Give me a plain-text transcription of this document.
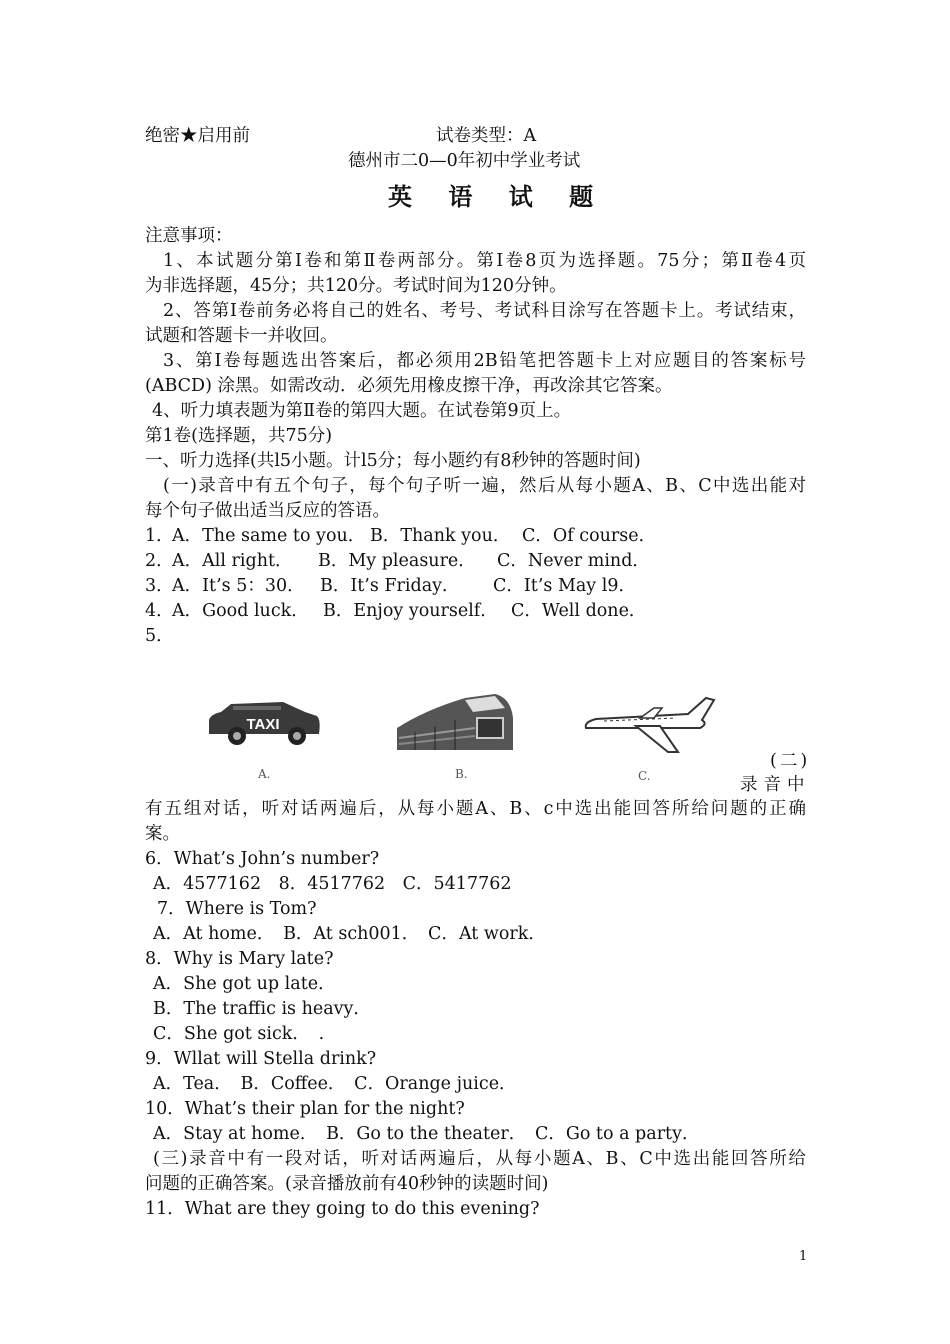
绝密★启用前	试卷类型：A
德州市二0—0年初中学业考试
英 语 试 题
注意事项：
1、本试题分第Ⅰ卷和第Ⅱ卷两部分。第Ⅰ卷8页为选择题。75分；第Ⅱ卷4页
为非选择题，45分；共120分。考试时间为120分钟。
2、答第Ⅰ卷前务必将自己的姓名、考号、考试科目涂写在答题卡上。考试结束，
试题和答题卡一并收回。
3、第Ⅰ卷每题选出答案后，都必须用2B铅笔把答题卡上对应题目的答案标号
(ABCD) 涂黑。如需改动．必须先用橡皮擦干净，再改涂其它答案。
4、听力填表题为第Ⅱ卷的第四大题。在试卷第9页上。
第1卷(选择题，共75分)
一、听力选择(共l5小题。计l5分；每小题约有8秒钟的答题时间)
(一)录音中有五个句子，每个句子听一遍，然后从每小题A、B、C中选出能对
每个句子做出适当反应的答语。
1．
A．The same to you． B．Thank you． C．Of course．
2．
A．All right． B．My pleasure． C．Never mind．
3．
A．It’s 5：30． B．It’s Friday． C．It’s May l9．
4．
A．Good luck． B．Enjoy yourself． C．Well done．
5．
TAXI
A.	B.	C.
(二)
录音中
有五组对话，听对话两遍后，从每小题A、B、c中选出能回答所给问题的正确
案。
6．What’s John’s number?
A．4577162　8．4517762　C．5417762
7．Where is Tom?
A．At home．　B．At sch001．　C．At work．
8．Why is Mary late?
A．She got up late．
B．The traffic is heavy．
C．She got sick．　.
9．Wllat will Stella drink?
A．Tea．　B．Coffee．　C．Orange juice．
10．What’s their plan for the night?
A．Stay at home．　B．Go to the theater．　C．Go to a party．
(三)录音中有一段对话，听对话两遍后，从每小题A、B、C中选出能回答所给
问题的正确答案。(录音播放前有40秒钟的读题时间)
11．What are they going to do this evening?
1
